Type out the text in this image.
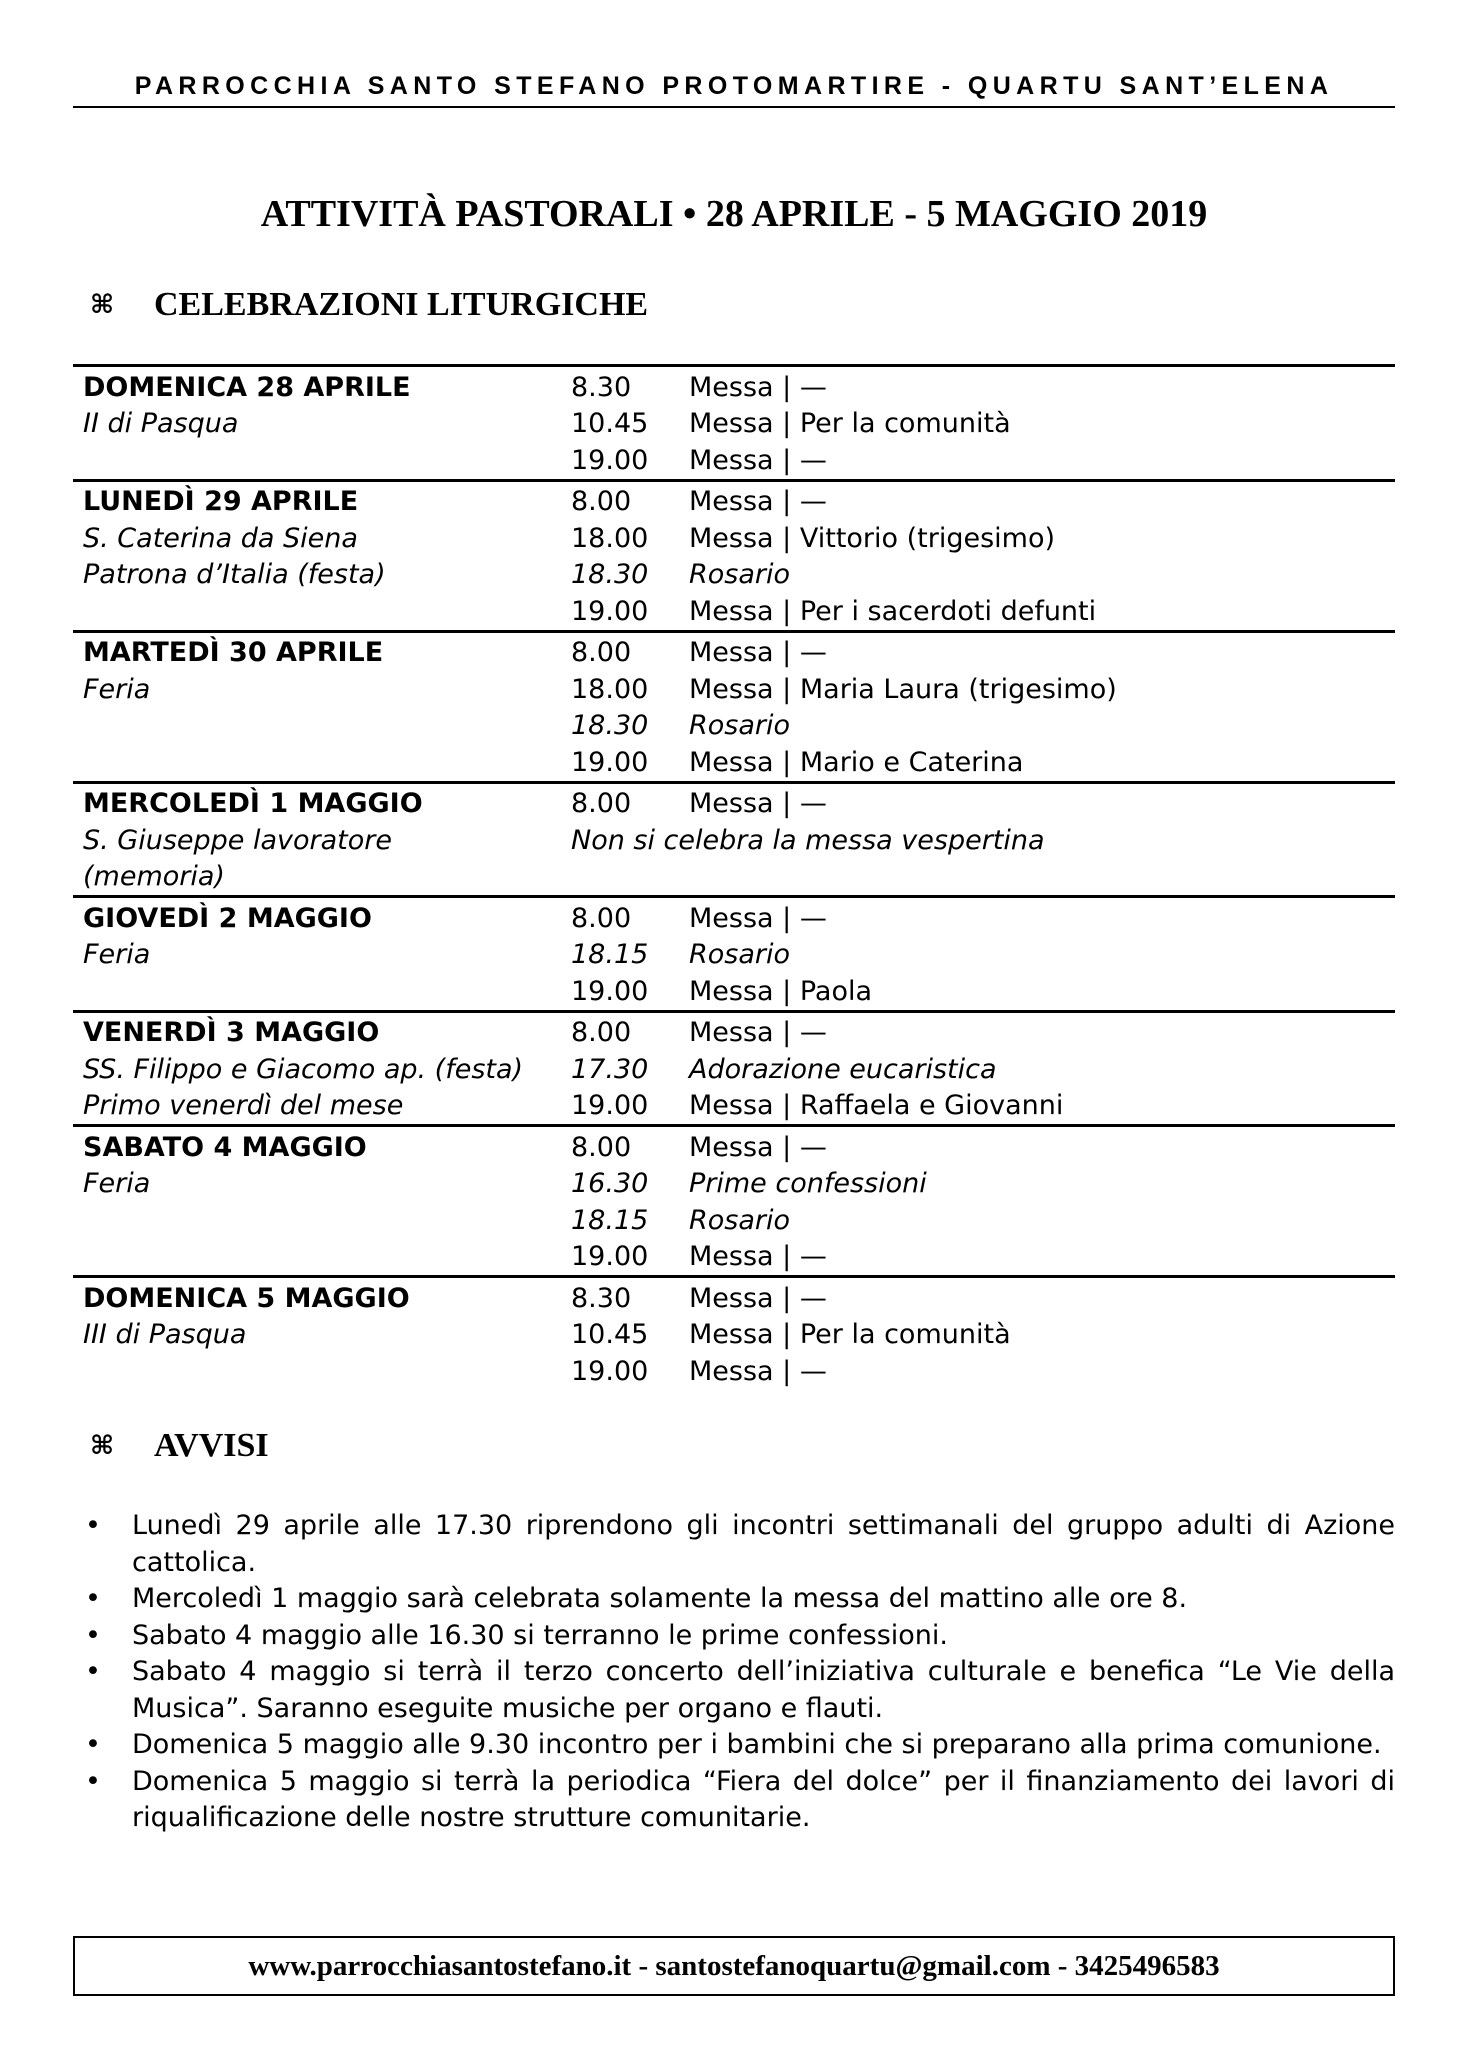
PARROCCHIA SANTO STEFANO PROTOMARTIRE - QUARTU SANT’ELENA
ATTIVITÀ PASTORALI • 28 APRILE - 5 MAGGIO 2019
⌘	CELEBRAZIONI LITURGICHE
DOMENICA 28 APRILE	8.30	Messa | —
II di Pasqua	10.45	Messa | Per la comunità
19.00	Messa | —
LUNEDÌ 29 APRILE	8.00	Messa | —
S. Caterina da Siena	18.00	Messa | Vittorio (trigesimo)
Patrona d’Italia (festa)	18.30	Rosario
19.00	Messa | Per i sacerdoti defunti
MARTEDÌ 30 APRILE	8.00	Messa | —
Feria	18.00	Messa | Maria Laura (trigesimo)
18.30	Rosario
19.00	Messa | Mario e Caterina
MERCOLEDÌ 1 MAGGIO	8.00	Messa | —
S. Giuseppe lavoratore	Non si celebra la messa vespertina
(memoria)
GIOVEDÌ 2 MAGGIO	8.00	Messa | —
Feria	18.15	Rosario
19.00	Messa | Paola
VENERDÌ 3 MAGGIO	8.00	Messa | —
SS. Filippo e Giacomo ap. (festa)	17.30	Adorazione eucaristica
Primo venerdì del mese	19.00	Messa | Raffaela e Giovanni
SABATO 4 MAGGIO	8.00	Messa | —
Feria	16.30	Prime confessioni
18.15	Rosario
19.00	Messa | —
DOMENICA 5 MAGGIO	8.30	Messa | —
III di Pasqua	10.45	Messa | Per la comunità
19.00	Messa | —
⌘	AVVISI
• Lunedì 29 aprile alle 17.30 riprendono gli incontri settimanali del gruppo adulti di Azione cattolica.
• Mercoledì 1 maggio sarà celebrata solamente la messa del mattino alle ore 8.
• Sabato 4 maggio alle 16.30 si terranno le prime confessioni.
• Sabato 4 maggio si terrà il terzo concerto dell’iniziativa culturale e benefica “Le Vie della Musica”. Saranno eseguite musiche per organo e flauti.
• Domenica 5 maggio alle 9.30 incontro per i bambini che si preparano alla prima comunione.
• Domenica 5 maggio si terrà la periodica “Fiera del dolce” per il finanziamento dei lavori di riqualificazione delle nostre strutture comunitarie.
www.parrocchiasantostefano.it - santostefanoquartu@gmail.com - 3425496583
